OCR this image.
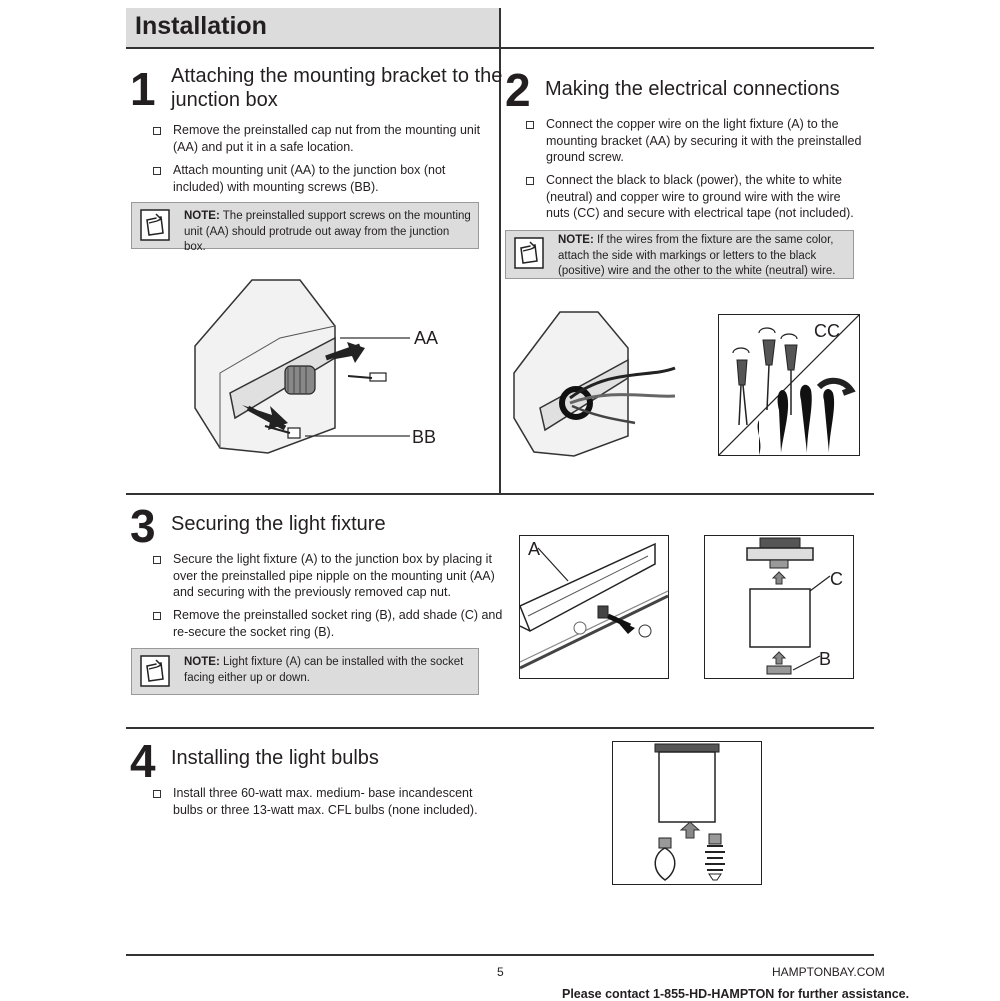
Installation
1 Attaching the mounting bracket to the
junction box
Remove the preinstalled cap nut from the mounting unit (AA) and put it in a safe location.
Attach mounting unit (AA) to the junction box (not included) with mounting screws (BB).
NOTE: The preinstalled support screws on the mounting unit (AA) should protrude out away from the junction box.
AA
BB
2 Making the electrical connections
Connect the copper wire on the light fixture (A) to the mounting bracket (AA) by securing it with the preinstalled ground screw.
Connect the black to black (power), the white to white (neutral) and copper wire to ground wire with the wire nuts (CC) and secure with electrical tape (not included).
NOTE: If the wires from the fixture are the same color, attach the side with markings or letters to the black (positive) wire and the other to the white (neutral) wire.
CC
3 Securing the light fixture
Secure the light fixture (A) to the junction box by placing it over the preinstalled pipe nipple on the mounting unit (AA) and securing with the previously removed cap nut.
Remove the preinstalled socket ring (B), add shade (C) and re-secure the socket ring (B).
NOTE: Light fixture (A) can be installed with the socket facing either up or down.
A
C
B
4 Installing the light bulbs
Install three 60-watt max. medium- base incandescent bulbs or three 13-watt max. CFL bulbs (none included).
5	HAMPTONBAY.COM
Please contact 1-855-HD-HAMPTON for further assistance.
